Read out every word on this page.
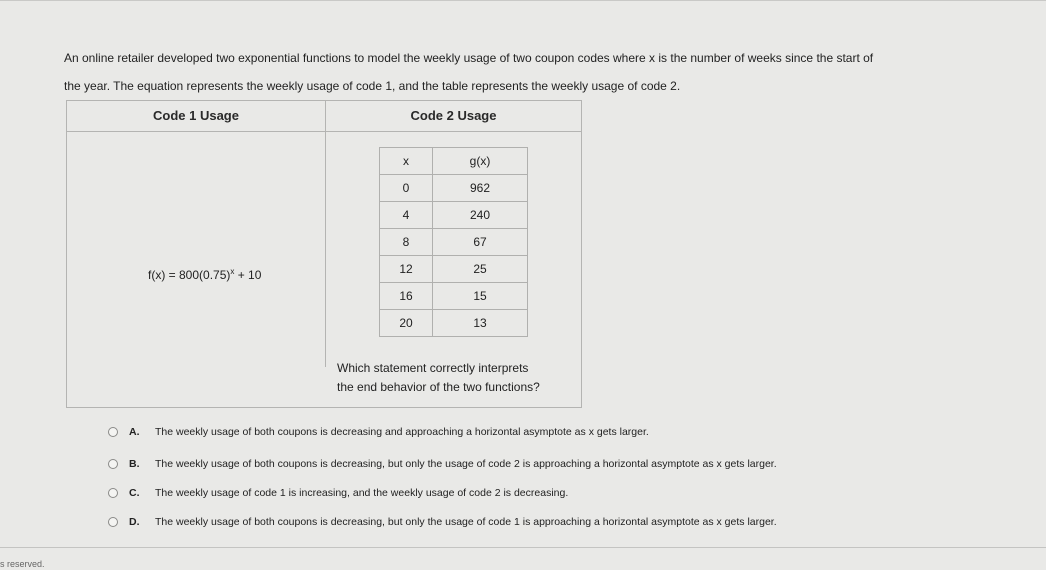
An online retailer developed two exponential functions to model the weekly usage of two coupon codes where x is the number of weeks since the start of
the year. The equation represents the weekly usage of code 1, and the table represents the weekly usage of code 2.
Code 1 Usage	Code 2 Usage
$f(x) = 800(0.75)^x + 10$
x	g(x)
0	962
4	240
8	67
12	25
16	15
20	13
Which statement correctly interprets
the end behavior of the two functions?
A.	The weekly usage of both coupons is decreasing and approaching a horizontal asymptote as x gets larger.
B.	The weekly usage of both coupons is decreasing, but only the usage of code 2 is approaching a horizontal asymptote as x gets larger.
C.	The weekly usage of code 1 is increasing, and the weekly usage of code 2 is decreasing.
D.	The weekly usage of both coupons is decreasing, but only the usage of code 1 is approaching a horizontal asymptote as x gets larger.
s reserved.
